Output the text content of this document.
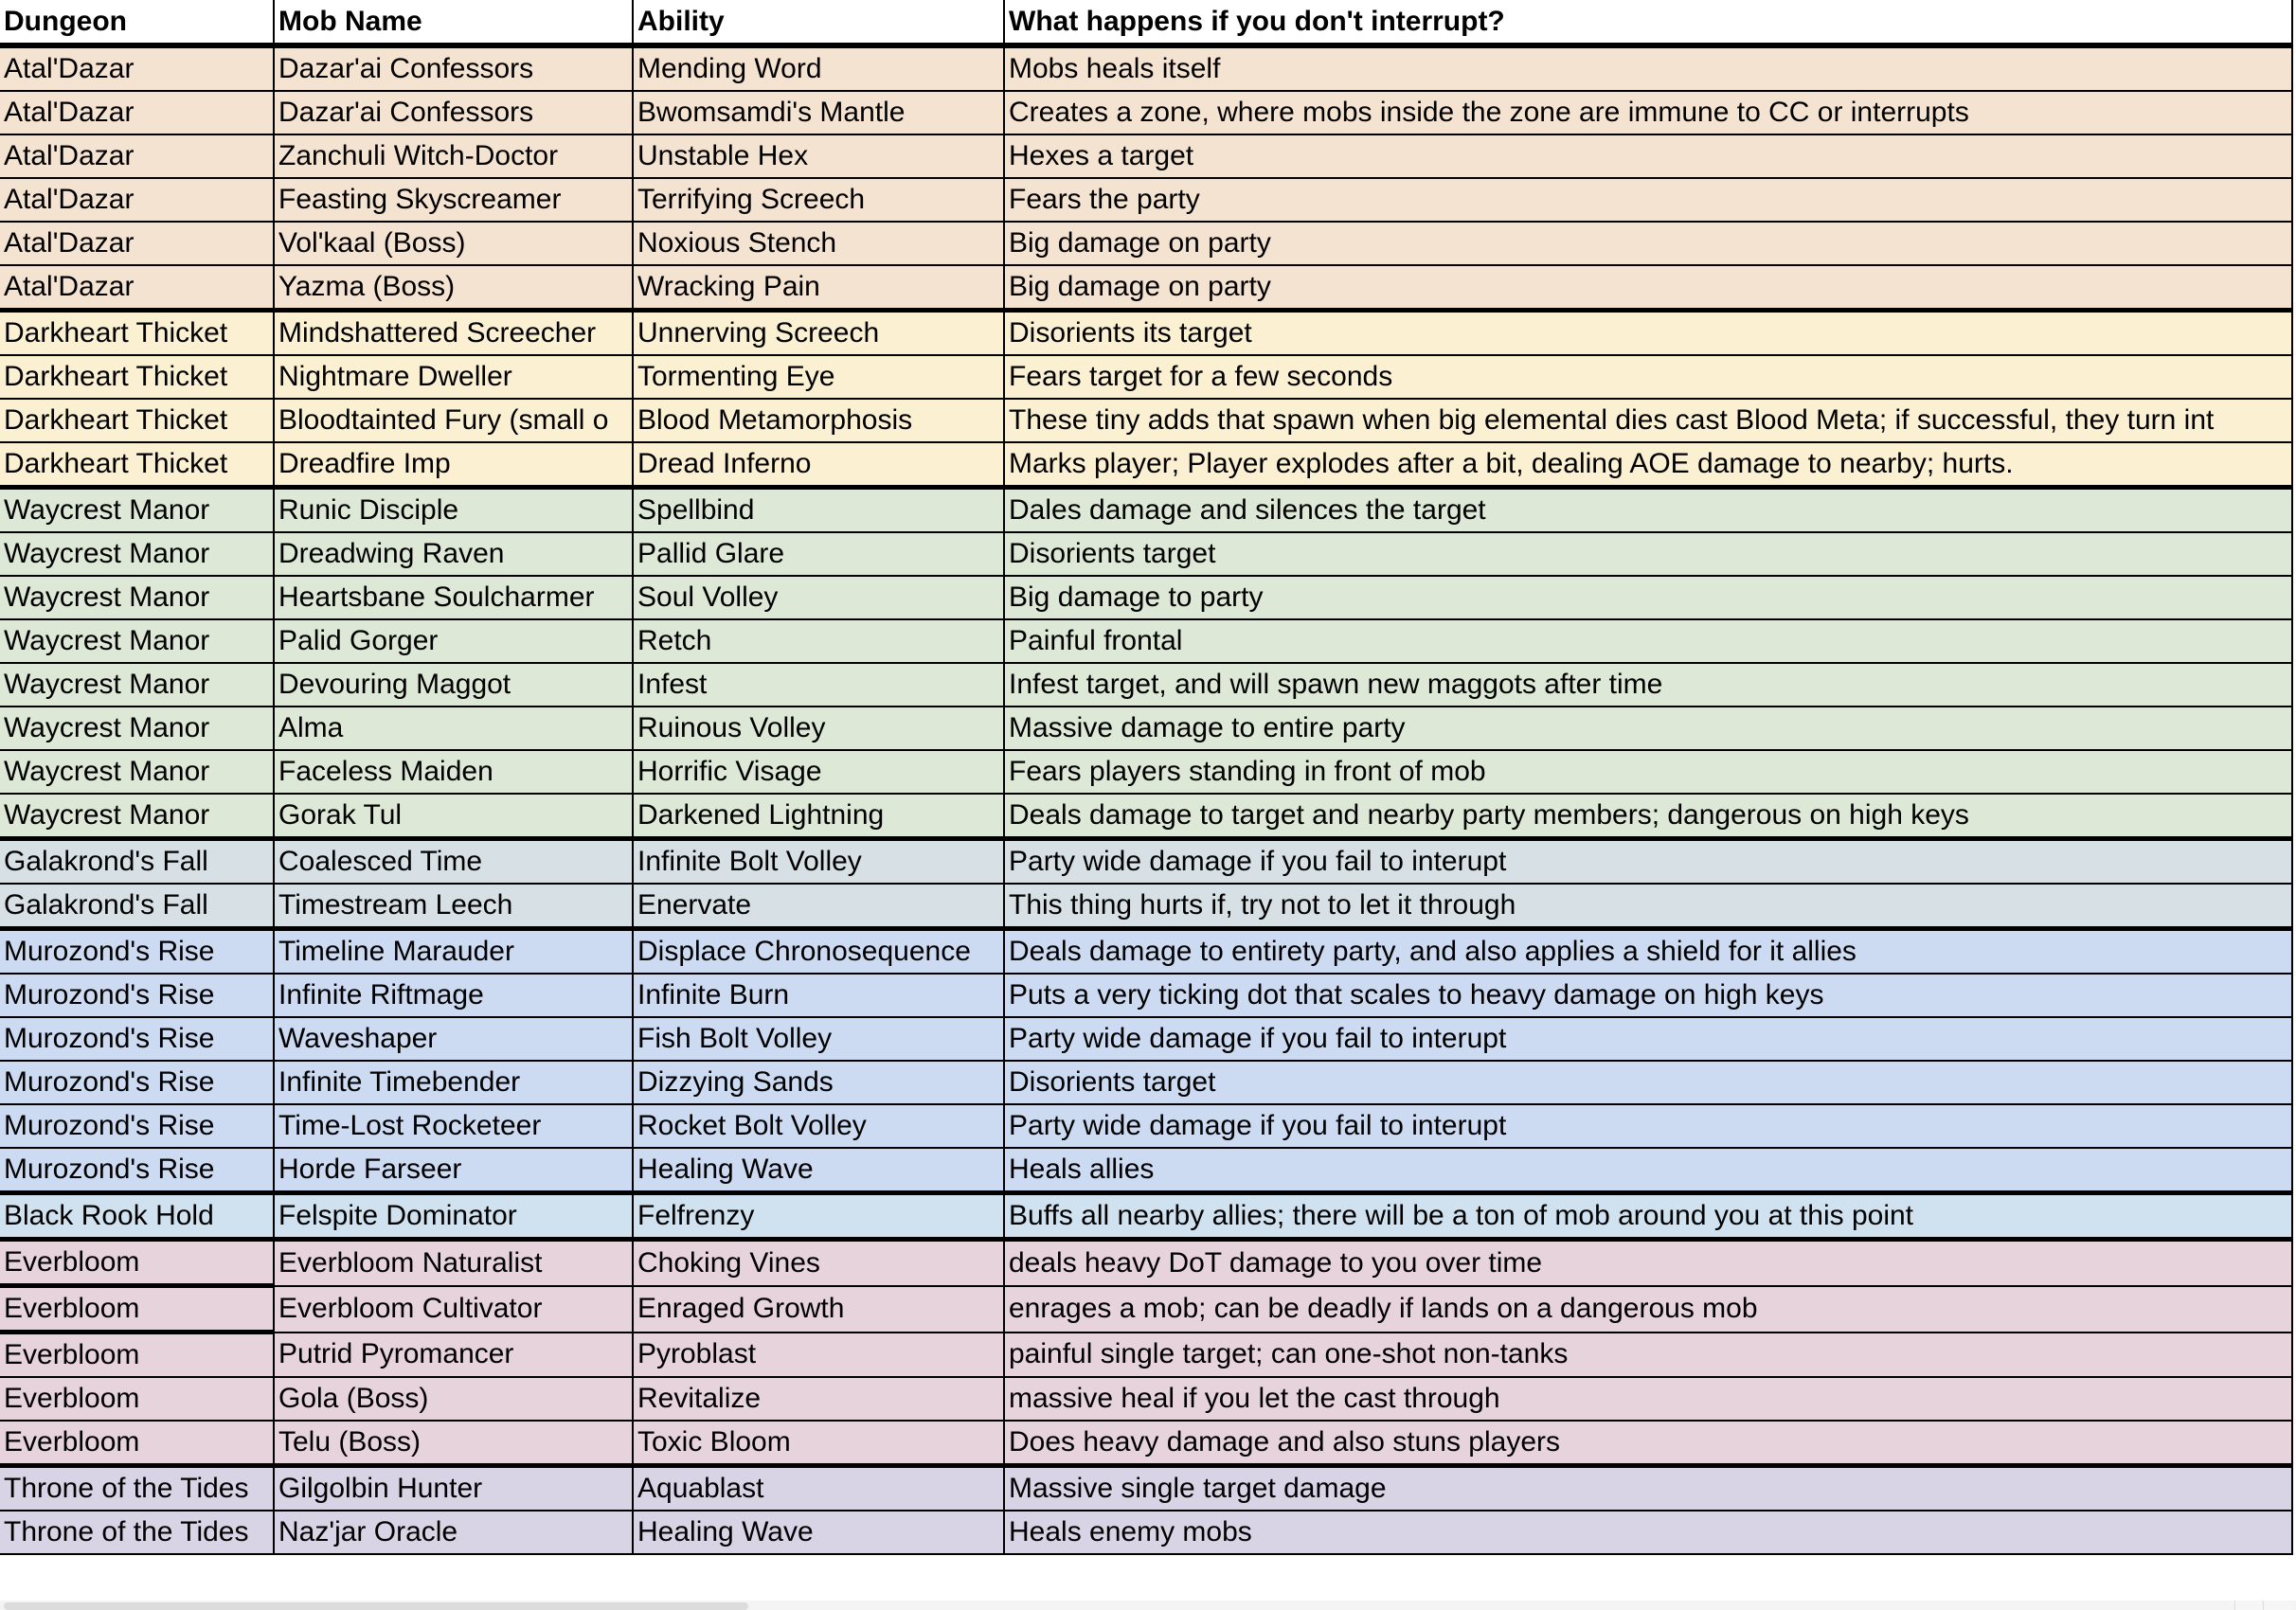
Dungeon	Mob Name	Ability	What happens if you don't interrupt?
Atal'Dazar	Dazar'ai Confessors	Mending Word	Mobs heals itself
Atal'Dazar	Dazar'ai Confessors	Bwomsamdi's Mantle	Creates a zone, where mobs inside the zone are immune to CC or interrupts
Atal'Dazar	Zanchuli Witch-Doctor	Unstable Hex	Hexes a target
Atal'Dazar	Feasting Skyscreamer	Terrifying Screech	Fears the party
Atal'Dazar	Vol'kaal (Boss)	Noxious Stench	Big damage on party
Atal'Dazar	Yazma (Boss)	Wracking Pain	Big damage on party
Darkheart Thicket	Mindshattered Screecher	Unnerving Screech	Disorients its target
Darkheart Thicket	Nightmare Dweller	Tormenting Eye	Fears target for a few seconds
Darkheart Thicket	Bloodtainted Fury (small o	Blood Metamorphosis	These tiny adds that spawn when big elemental dies cast Blood Meta; if successful, they turn int
Darkheart Thicket	Dreadfire Imp	Dread Inferno	Marks player; Player explodes after a bit, dealing AOE damage to nearby; hurts.
Waycrest Manor	Runic Disciple	Spellbind	Dales damage and silences the target
Waycrest Manor	Dreadwing Raven	Pallid Glare	Disorients target
Waycrest Manor	Heartsbane Soulcharmer	Soul Volley	Big damage to party
Waycrest Manor	Palid Gorger	Retch	Painful frontal
Waycrest Manor	Devouring Maggot	Infest	Infest target, and will spawn new maggots after time
Waycrest Manor	Alma	Ruinous Volley	Massive damage to entire party
Waycrest Manor	Faceless Maiden	Horrific Visage	Fears players standing in front of mob
Waycrest Manor	Gorak Tul	Darkened Lightning	Deals damage to target and nearby party members; dangerous on high keys
Galakrond's Fall	Coalesced Time	Infinite Bolt Volley	Party wide damage if you fail to interupt
Galakrond's Fall	Timestream Leech	Enervate	This thing hurts if, try not to let it through
Murozond's Rise	Timeline Marauder	Displace Chronosequence	Deals damage to entirety party, and also applies a shield for it allies
Murozond's Rise	Infinite Riftmage	Infinite Burn	Puts a very ticking dot that scales to heavy damage on high keys
Murozond's Rise	Waveshaper	Fish Bolt Volley	Party wide damage if you fail to interupt
Murozond's Rise	Infinite Timebender	Dizzying Sands	Disorients target
Murozond's Rise	Time-Lost Rocketeer	Rocket Bolt Volley	Party wide damage if you fail to interupt
Murozond's Rise	Horde Farseer	Healing Wave	Heals allies
Black Rook Hold	Felspite Dominator	Felfrenzy	Buffs all nearby allies; there will be a ton of mob around you at this point
Everbloom	Everbloom Naturalist	Choking Vines	deals heavy DoT damage to you over time
Everbloom	Everbloom Cultivator	Enraged Growth	enrages a mob; can be deadly if lands on a dangerous mob
Everbloom	Putrid Pyromancer	Pyroblast	painful single target; can one-shot non-tanks
Everbloom	Gola (Boss)	Revitalize	massive heal if you let the cast through
Everbloom	Telu (Boss)	Toxic Bloom	Does heavy damage and also stuns players
Throne of the Tides	Gilgolbin Hunter	Aquablast	Massive single target damage
Throne of the Tides	Naz'jar Oracle	Healing Wave	Heals enemy mobs
